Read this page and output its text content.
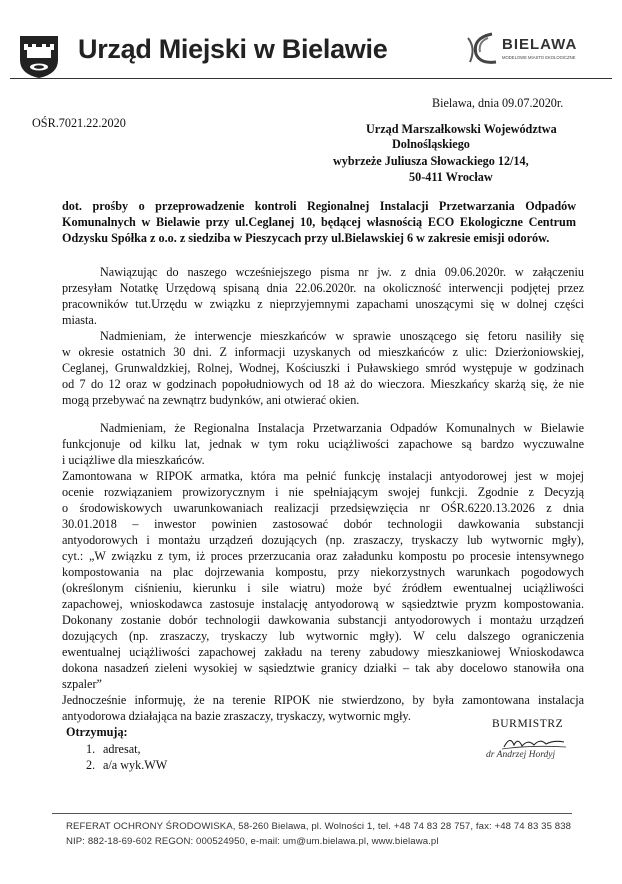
Urząd Miejski w Bielawie	BIELAWA
MODELOWE MIASTO EKOLOGICZNE
Bielawa, dnia 09.07.2020r.
OŚR.7021.22.2020	Urząd Marszałkowski Województwa
Dolnośląskiego
wybrzeże Juliusza Słowackiego 12/14,
50-411 Wrocław
dot. prośby o przeprowadzenie kontroli Regionalnej Instalacji Przetwarzania Odpadów
Komunalnych w Bielawie przy ul.Ceglanej 10, będącej własnością ECO Ekologiczne Centrum
Odzysku Spółka z o.o. z siedziba w Pieszycach przy ul.Bielawskiej 6 w zakresie emisji odorów.
Nawiązując do naszego wcześniejszego pisma nr jw. z dnia 09.06.2020r. w załączeniu
przesyłam Notatkę Urzędową spisaną dnia 22.06.2020r. na okoliczność interwencji podjętej przez
pracowników tut.Urzędu w związku z nieprzyjemnymi zapachami unoszącymi się w dolnej części
miasta.
Nadmieniam, że interwencje mieszkańców w sprawie unoszącego się fetoru nasiliły się
w okresie ostatnich 30 dni. Z informacji uzyskanych od mieszkańców z ulic: Dzierżoniowskiej,
Ceglanej, Grunwaldzkiej, Rolnej, Wodnej, Kościuszki i Puławskiego smród występuje w godzinach
od 7 do 12 oraz w godzinach popołudniowych od 18 aż do wieczora. Mieszkańcy skarżą się, że nie
mogą przebywać na zewnątrz budynków, ani otwierać okien.
Nadmieniam, że Regionalna Instalacja Przetwarzania Odpadów Komunalnych w Bielawie
funkcjonuje od kilku lat, jednak w tym roku uciążliwości zapachowe są bardzo wyczuwalne
i uciążliwe dla mieszkańców.
Zamontowana w RIPOK armatka, która ma pełnić funkcję instalacji antyodorowej jest w mojej
ocenie rozwiązaniem prowizorycznym i nie spełniającym swojej funkcji. Zgodnie z Decyzją
o środowiskowych uwarunkowaniach realizacji przedsięwzięcia nr OŚR.6220.13.2026 z dnia
30.01.2018 – inwestor powinien zastosować dobór technologii dawkowania substancji
antyodorowych i montażu urządzeń dozujących (np. zraszaczy, tryskaczy lub wytwornic mgły),
cyt.: „W związku z tym, iż proces przerzucania oraz załadunku kompostu po procesie intensywnego
kompostowania na plac dojrzewania kompostu, przy niekorzystnych warunkach pogodowych
(określonym ciśnieniu, kierunku i sile wiatru) może być źródłem ewentualnej uciążliwości
zapachowej, wnioskodawca zastosuje instalację antyodorową w sąsiedztwie pryzm kompostowania.
Dokonany zostanie dobór technologii dawkowania substancji antyodorowych i montażu urządzeń
dozujących (np. zraszaczy, tryskaczy lub wytwornic mgły). W celu dalszego ograniczenia
ewentualnej uciążliwości zapachowej zakładu na tereny zabudowy mieszkaniowej Wnioskodawca
dokona nasadzeń zieleni wysokiej w sąsiedztwie granicy działki – tak aby docelowo stanowiła ona
szpaler”
Jednocześnie informuję, że na terenie RIPOK nie stwierdzono, by była zamontowana instalacja
antyodorowa działająca na bazie zraszaczy, tryskaczy, wytwornic mgły.
BURMISTRZ
dr Andrzej Hordyj
Otrzymują:
1. adresat,
2. a/a wyk.WW
REFERAT OCHRONY ŚRODOWISKA, 58-260 Bielawa, pl. Wolności 1, tel. +48 74 83 28 757, fax: +48 74 83 35 838
NIP: 882-18-69-602 REGON: 000524950, e-mail: um@um.bielawa.pl, www.bielawa.pl
